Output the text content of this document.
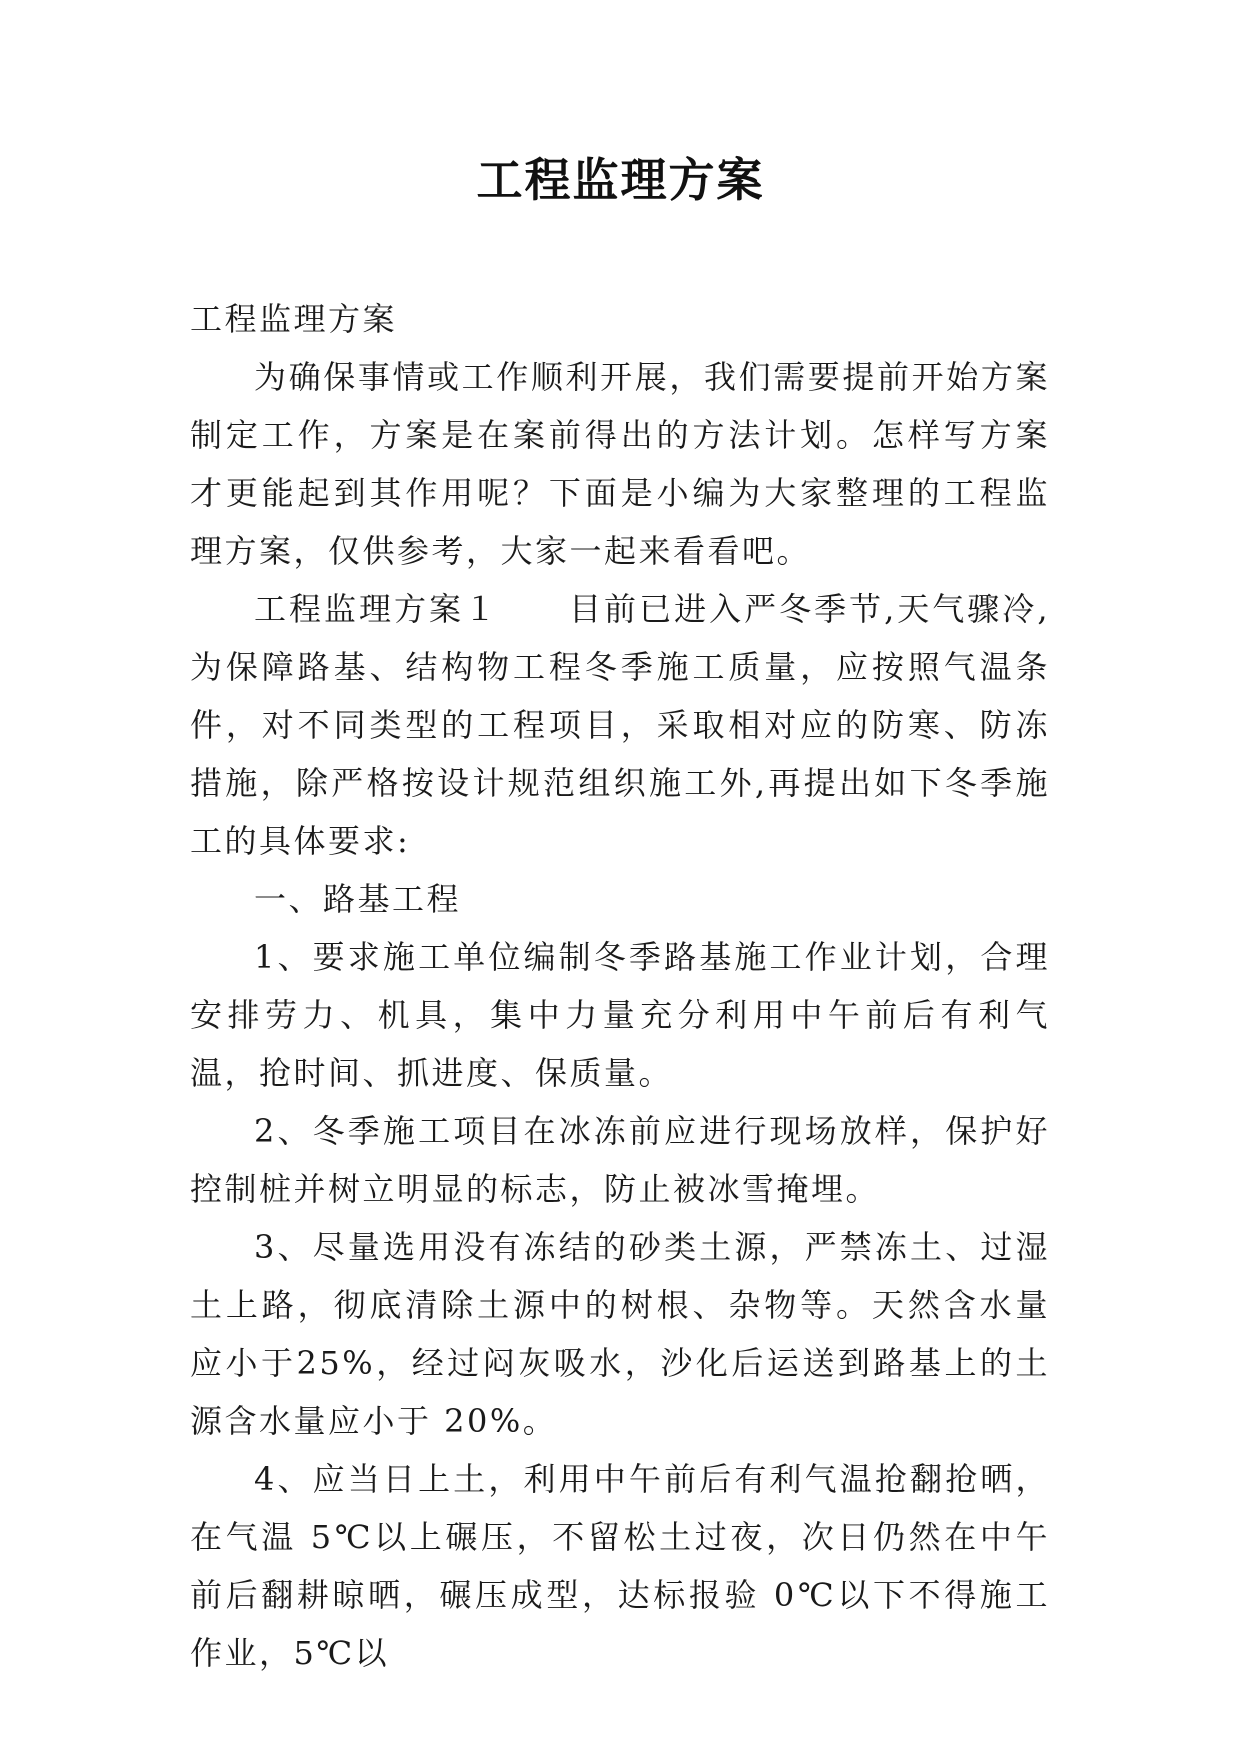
工程监理方案

工程监理方案

为确保事情或工作顺利开展，我们需要提前开始方案制定工作，方案是在案前得出的方法计划。怎样写方案才更能起到其作用呢？下面是小编为大家整理的工程监理方案，仅供参考，大家一起来看看吧。

工程监理方案１　　目前已进入严冬季节,天气骤冷,为保障路基、结构物工程冬季施工质量，应按照气温条件，对不同类型的工程项目，采取相对应的防寒、防冻措施，除严格按设计规范组织施工外,再提出如下冬季施工的具体要求:

一、路基工程

1、要求施工单位编制冬季路基施工作业计划，合理安排劳力、机具，集中力量充分利用中午前后有利气温，抢时间、抓进度、保质量。

2、冬季施工项目在冰冻前应进行现场放样，保护好控制桩并树立明显的标志，防止被冰雪掩埋。

3、尽量选用没有冻结的砂类土源，严禁冻土、过湿土上路，彻底清除土源中的树根、杂物等。天然含水量应小于25%，经过闷灰吸水，沙化后运送到路基上的土源含水量应小于 20%。

4、应当日上土，利用中午前后有利气温抢翻抢晒，在气温 5℃以上碾压，不留松土过夜，次日仍然在中午前后翻耕晾晒，碾压成型，达标报验 0℃以下不得施工作业，5℃以
